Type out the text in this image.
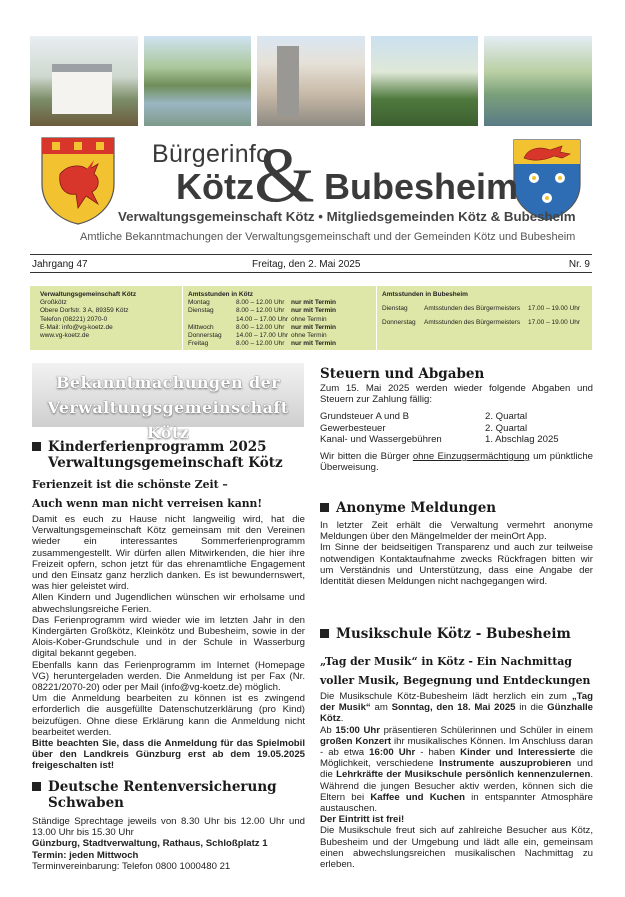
Bürgerinfo
Kötz & Bubesheim
Verwaltungsgemeinschaft Kötz • Mitgliedsgemeinden Kötz & Bubesheim
Amtliche Bekanntmachungen der Verwaltungsgemeinschaft und der Gemeinden Kötz und Bubesheim
Jahrgang 47	Freitag, den 2. Mai 2025	Nr. 9
Verwaltungsgemeinschaft Kötz
Großkötz
Obere Dorfstr. 3 A, 89359 Kötz
Telefon (08221) 2070-0
E-Mail: info@vg-koetz.de
www.vg-koetz.de
Amtsstunden in Kötz
Montag	8.00 – 12.00 Uhr	nur mit Termin
Dienstag	8.00 – 12.00 Uhr	nur mit Termin
14.00 – 17.00 Uhr ohne Termin
Mittwoch	8.00 – 12.00 Uhr	nur mit Termin
Donnerstag	14.00 – 17.00 Uhr ohne Termin
Freitag	8.00 – 12.00 Uhr	nur mit Termin
Amtsstunden in Bubesheim
Dienstag	Amtsstunden des Bürgermeisters	17.00 – 19.00 Uhr
Donnerstag	Amtsstunden des Bürgermeisters	17.00 – 19.00 Uhr
Bekanntmachungen der
Verwaltungsgemeinschaft Kötz
Kinderferienprogramm 2025 Verwaltungsgemeinschaft Kötz
Ferienzeit ist die schönste Zeit –
Auch wenn man nicht verreisen kann!
Damit es euch zu Hause nicht langweilig wird, hat die Verwaltungsgemeinschaft Kötz gemeinsam mit den Vereinen wieder ein interessantes Sommerferienprogramm zusammengestellt. Wir dürfen allen Mitwirkenden, die hier ihre Freizeit opfern, schon jetzt für das ehrenamtliche Engagement und den Einsatz ganz herzlich danken. Es ist bewundernswert, was hier geleistet wird.
Allen Kindern und Jugendlichen wünschen wir erholsame und abwechslungsreiche Ferien.
Das Ferienprogramm wird wieder wie im letzten Jahr in den Kindergärten Großkötz, Kleinkötz und Bubesheim, sowie in der Alois-Kober-Grundschule und in der Schule in Wasserburg digital bekannt gegeben.
Ebenfalls kann das Ferienprogramm im Internet (Homepage VG) heruntergeladen werden. Die Anmeldung ist per Fax (Nr. 08221/2070-20) oder per Mail (info@vg-koetz.de) möglich.
Um die Anmeldung bearbeiten zu können ist es zwingend erforderlich die ausgefüllte Datenschutzerklärung (pro Kind) beizufügen. Ohne diese Erklärung kann die Anmeldung nicht bearbeitet werden.
Bitte beachten Sie, dass die Anmeldung für das Spielmobil über den Landkreis Günzburg erst ab dem 19.05.2025 freigeschalten ist!
Deutsche Rentenversicherung Schwaben
Ständige Sprechtage jeweils von 8.30 Uhr bis 12.00 Uhr und 13.00 Uhr bis 15.30 Uhr
Günzburg, Stadtverwaltung, Rathaus, Schloßplatz 1
Termin: jeden Mittwoch
Terminvereinbarung: Telefon 0800 1000480 21
Steuern und Abgaben
Zum 15. Mai 2025 werden wieder folgende Abgaben und Steuern zur Zahlung fällig:
Grundsteuer A und B	2. Quartal
Gewerbesteuer	2. Quartal
Kanal- und Wassergebühren	1. Abschlag 2025
Wir bitten die Bürger ohne Einzugsermächtigung um pünktliche Überweisung.
Anonyme Meldungen
In letzter Zeit erhält die Verwaltung vermehrt anonyme Meldungen über den Mängelmelder der meinOrt App.
Im Sinne der beidseitigen Transparenz und auch zur teilweise notwendigen Kontaktaufnahme zwecks Rückfragen bitten wir um Verständnis und Unterstützung, dass eine Angabe der Identität diesen Meldungen nicht nachgegangen wird.
Musikschule Kötz - Bubesheim
„Tag der Musik“ in Kötz - Ein Nachmittag
voller Musik, Begegnung und Entdeckungen
Die Musikschule Kötz-Bubesheim lädt herzlich ein zum „Tag der Musik“ am Sonntag, den 18. Mai 2025 in die Günzhalle Kötz.
Ab 15:00 Uhr präsentieren Schülerinnen und Schüler in einem großen Konzert ihr musikalisches Können. Im Anschluss daran - ab etwa 16:00 Uhr - haben Kinder und Interessierte die Möglichkeit, verschiedene Instrumente auszuprobieren und die Lehrkräfte der Musikschule persönlich kennenzulernen. Während die jungen Besucher aktiv werden, können sich die Eltern bei Kaffee und Kuchen in entspannter Atmosphäre austauschen.
Der Eintritt ist frei!
Die Musikschule freut sich auf zahlreiche Besucher aus Kötz, Bubesheim und der Umgebung und lädt alle ein, gemeinsam einen abwechslungsreichen musikalischen Nachmittag zu erleben.
